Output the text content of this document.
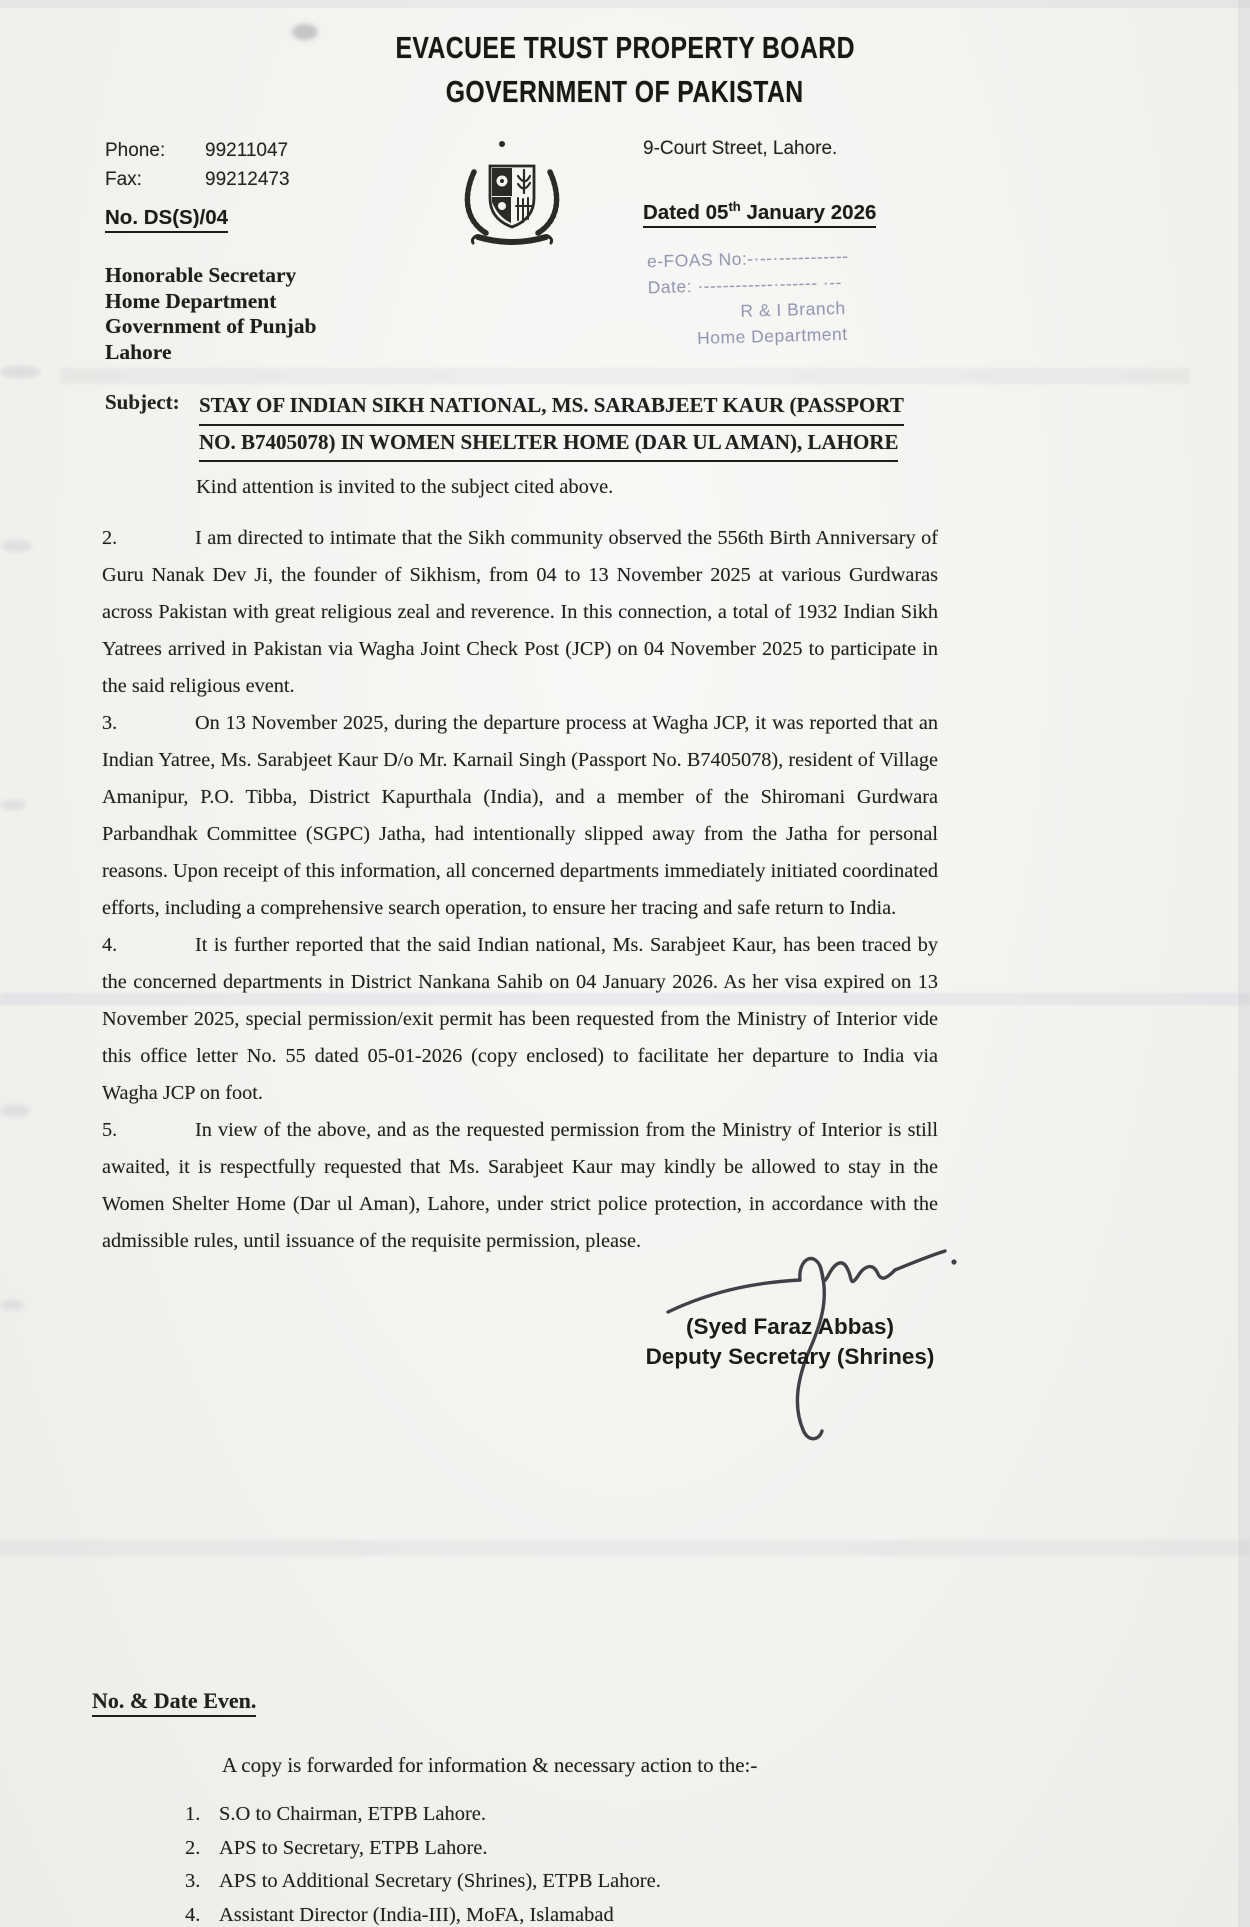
EVACUEE TRUST PROPERTY BOARD
GOVERNMENT OF PAKISTAN
Phone:	99211047
Fax:	99212473
9-Court Street, Lahore.
No. DS(S)/04	Dated 05th January 2026
e-FOAS No:-·--·-----------
Date: ·-----------·------ ·--
R & I Branch
Home Department
Honorable Secretary
Home Department
Government of Punjab
Lahore
Subject: STAY OF INDIAN SIKH NATIONAL, MS. SARABJEET KAUR (PASSPORT
NO. B7405078) IN WOMEN SHELTER HOME (DAR UL AMAN), LAHORE
Kind attention is invited to the subject cited above.

2.	I am directed to intimate that the Sikh community observed the 556th Birth Anniversary of Guru Nanak Dev Ji, the founder of Sikhism, from 04 to 13 November 2025 at various Gurdwaras across Pakistan with great religious zeal and reverence. In this connection, a total of 1932 Indian Sikh Yatrees arrived in Pakistan via Wagha Joint Check Post (JCP) on 04 November 2025 to participate in the said religious event.

3.	On 13 November 2025, during the departure process at Wagha JCP, it was reported that an Indian Yatree, Ms. Sarabjeet Kaur D/o Mr. Karnail Singh (Passport No. B7405078), resident of Village Amanipur, P.O. Tibba, District Kapurthala (India), and a member of the Shiromani Gurdwara Parbandhak Committee (SGPC) Jatha, had intentionally slipped away from the Jatha for personal reasons. Upon receipt of this information, all concerned departments immediately initiated coordinated efforts, including a comprehensive search operation, to ensure her tracing and safe return to India.

4.	It is further reported that the said Indian national, Ms. Sarabjeet Kaur, has been traced by the concerned departments in District Nankana Sahib on 04 January 2026. As her visa expired on 13 November 2025, special permission/exit permit has been requested from the Ministry of Interior vide this office letter No. 55 dated 05-01-2026 (copy enclosed) to facilitate her departure to India via Wagha JCP on foot.

5.	In view of the above, and as the requested permission from the Ministry of Interior is still awaited, it is respectfully requested that Ms. Sarabjeet Kaur may kindly be allowed to stay in the Women Shelter Home (Dar ul Aman), Lahore, under strict police protection, in accordance with the admissible rules, until issuance of the requisite permission, please.

(Syed Faraz Abbas)
Deputy Secretary (Shrines)
No. & Date Even.
A copy is forwarded for information & necessary action to the:-
1. S.O to Chairman, ETPB Lahore.
2. APS to Secretary, ETPB Lahore.
3. APS to Additional Secretary (Shrines), ETPB Lahore.
4. Assistant Director (India-III), MoFA, Islamabad
